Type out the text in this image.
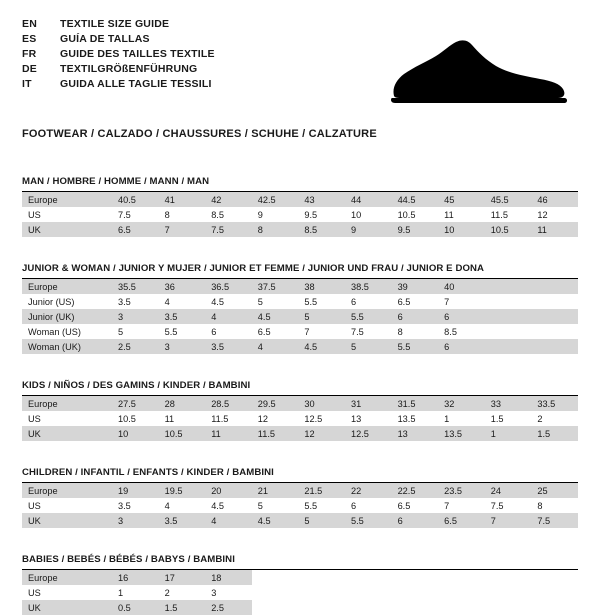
EN	TEXTILE SIZE GUIDE
ES	GUÍA DE TALLAS
FR	GUIDE DES TAILLES TEXTILE
DE	TEXTILGRÖßENFÜHRUNG
IT	GUIDA ALLE TAGLIE TESSILI
FOOTWEAR / CALZADO / CHAUSSURES / SCHUHE / CALZATURE
MAN / HOMBRE / HOMME / MANN / MAN
Europe	40.5	41	42	42.5	43	44	44.5	45	45.5	46
US	7.5	8	8.5	9	9.5	10	10.5	11	11.5	12
UK	6.5	7	7.5	8	8.5	9	9.5	10	10.5	11
JUNIOR & WOMAN / JUNIOR Y MUJER / JUNIOR ET FEMME / JUNIOR UND FRAU / JUNIOR E DONA
Europe	35.5	36	36.5	37.5	38	38.5	39	40		
Junior (US)	3.5	4	4.5	5	5.5	6	6.5	7		
Junior (UK)	3	3.5	4	4.5	5	5.5	6	6		
Woman (US)	5	5.5	6	6.5	7	7.5	8	8.5		
Woman (UK)	2.5	3	3.5	4	4.5	5	5.5	6		
KIDS / NIÑOS / DES GAMINS / KINDER / BAMBINI
Europe	27.5	28	28.5	29.5	30	31	31.5	32	33	33.5
US	10.5	11	11.5	12	12.5	13	13.5	1	1.5	2
UK	10	10.5	11	11.5	12	12.5	13	13.5	1	1.5
CHILDREN / INFANTIL / ENFANTS / KINDER / BAMBINI
Europe	19	19.5	20	21	21.5	22	22.5	23.5	24	25
US	3.5	4	4.5	5	5.5	6	6.5	7	7.5	8
UK	3	3.5	4	4.5	5	5.5	6	6.5	7	7.5
BABIES / BEBÉS / BÉBÉS / BABYS / BAMBINI
Europe	16	17	18							
US	1	2	3							
UK	0.5	1.5	2.5							
